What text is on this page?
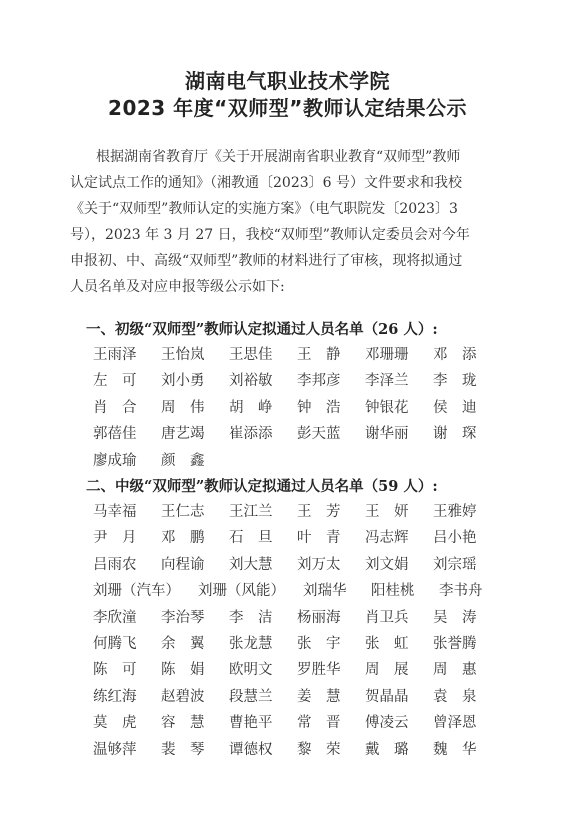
湖南电气职业技术学院
2023 年度“双师型”教师认定结果公示

根据湖南省教育厅《关于开展湖南省职业教育“双师型”教师

认定试点工作的通知》（湘教通〔2023〕6 号）文件要求和我校

《关于“双师型”教师认定的实施方案》（电气职院发〔2023〕3

号），2023 年 3 月 27 日，我校“双师型”教师认定委员会对今年

申报初、中、高级“双师型”教师的材料进行了审核，现将拟通过

人员名单及对应申报等级公示如下:

一、初级“双师型”教师认定拟通过人员名单（26 人）:
王雨泽	王怡岚	王思佳	王　静	邓珊珊	邓　添
左　可	刘小勇	刘裕敏	李邦彦	李泽兰	李　珑
肖　合	周　伟	胡　峥	钟　浩	钟银花	侯　迪
郭蓓佳	唐艺竭	崔添添	彭天蓝	谢华丽	谢　琛
廖成瑜	颜　鑫
二、中级“双师型”教师认定拟通过人员名单（59 人）:
马幸福	王仁志	王江兰	王　芳	王　妍	王雅婷
尹　月	邓　鹏	石　旦	叶　青	冯志辉	吕小艳
吕雨农	向程谕	刘大慧	刘万太	刘文娟	刘宗瑶
刘珊（汽车）	刘珊（风能）	刘瑞华	阳桂桃	李书舟
李欣潼	李治琴	李　洁	杨丽海	肖卫兵	吴　涛
何腾飞	余　翼	张龙慧	张　宇	张　虹	张誉腾
陈　可	陈　娟	欧明文	罗胜华	周　展	周　惠
练红海	赵碧波	段慧兰	姜　慧	贺晶晶	袁　泉
莫　虎	容　慧	曹艳平	常　晋	傅凌云	曾泽恩
温够萍	裴　琴	谭德权	黎　荣	戴　璐	魏　华
